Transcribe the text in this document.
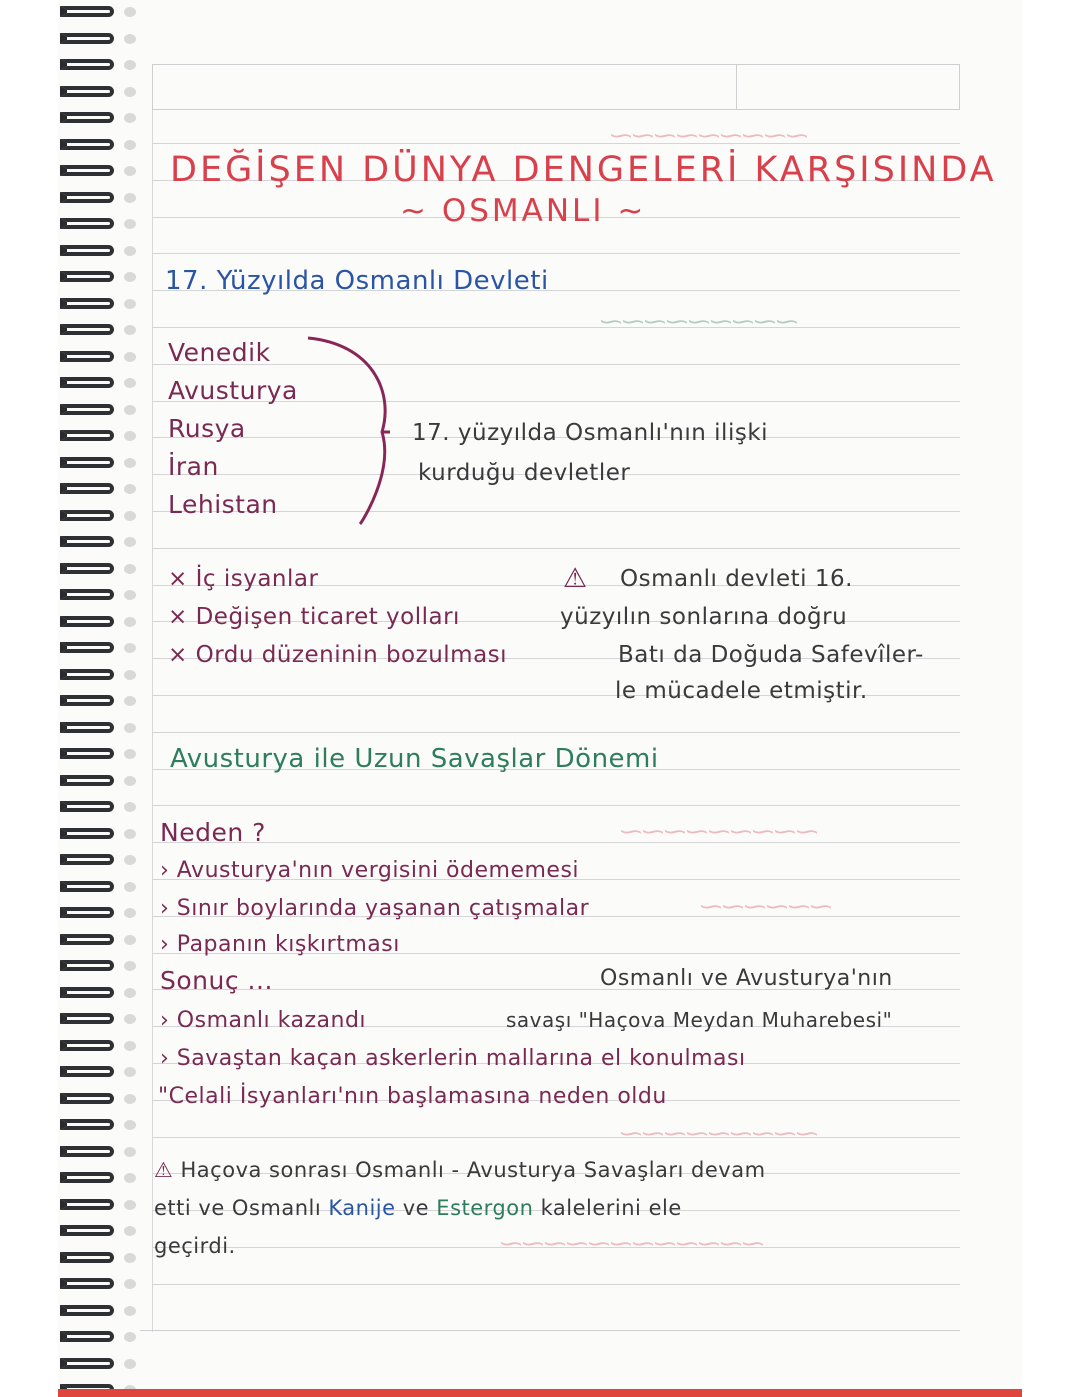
⁓⁓⁓⁓⁓⁓⁓⁓⁓
⁓⁓⁓⁓⁓⁓⁓⁓⁓
⁓⁓⁓⁓⁓⁓⁓⁓⁓
⁓⁓⁓⁓⁓⁓
⁓⁓⁓⁓⁓⁓⁓⁓⁓
⁓⁓⁓⁓⁓⁓⁓⁓⁓⁓⁓⁓

DEĞİŞEN DÜNYA DENGELERİ KARŞISINDA

~ OSMANLI ~

17. Yüzyılda Osmanlı Devleti

Venedik

Avusturya

Rusya

İran

Lehistan

17. yüzyılda Osmanlı'nın ilişki

kurduğu devletler

× İç isyanlar

× Değişen ticaret yolları

× Ordu düzeninin bozulması

⚠ Osmanlı devleti 16.

yüzyılın sonlarına doğru

Batı da Doğuda Safevîler-

le mücadele etmiştir.

Avusturya ile Uzun Savaşlar Dönemi

Neden ?

› Avusturya'nın vergisini ödememesi

› Sınır boylarında yaşanan çatışmalar

› Papanın kışkırtması

Sonuç ...	Osmanlı ve Avusturya'nın

› Osmanlı kazandı	savaşı "Haçova Meydan Muharebesi"

› Savaştan kaçan askerlerin mallarına el konulması

"Celali İsyanları'nın başlamasına neden oldu

⚠ Haçova sonrası Osmanlı - Avusturya Savaşları devam

etti ve Osmanlı Kanije ve Estergon kalelerini ele

geçirdi.
